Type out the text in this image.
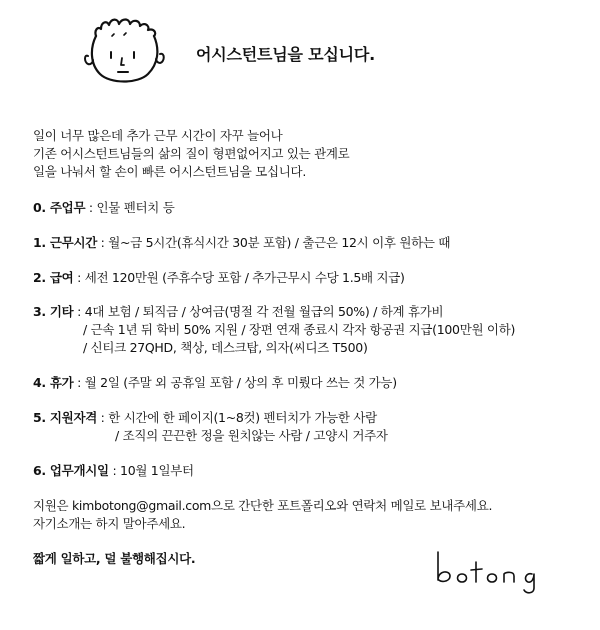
어시스턴트님을 모십니다.
일이 너무 많은데 추가 근무 시간이 자꾸 늘어나
기존 어시스턴트님들의 삶의 질이 형편없어지고 있는 관계로
일을 나눠서 할 손이 빠른 어시스턴트님을 모십니다.
0. 주업무 : 인물 펜터치 등
1. 근무시간 : 월~금 5시간(휴식시간 30분 포함) / 출근은 12시 이후 원하는 때
2. 급여 : 세전 120만원 (주휴수당 포함 / 추가근무시 수당 1.5배 지급)
3. 기타 : 4대 보험 / 퇴직금 / 상여금(명절 각 전월 월급의 50%) / 하계 휴가비
/ 근속 1년 뒤 학비 50% 지원 / 장편 연재 종료시 각자 항공권 지급(100만원 이하)
/ 신티크 27QHD, 책상, 데스크탑, 의자(씨디즈 T500)
4. 휴가 : 월 2일 (주말 외 공휴일 포함 / 상의 후 미뤘다 쓰는 것 가능)
5. 지원자격 : 한 시간에 한 페이지(1~8컷) 펜터치가 가능한 사람
/ 조직의 끈끈한 정을 원치않는 사람 / 고양시 거주자
6. 업무개시일 : 10월 1일부터
지원은 kimbotong@gmail.com으로 간단한 포트폴리오와 연락처 메일로 보내주세요.
자기소개는 하지 말아주세요.
짧게 일하고, 덜 불행해집시다.
